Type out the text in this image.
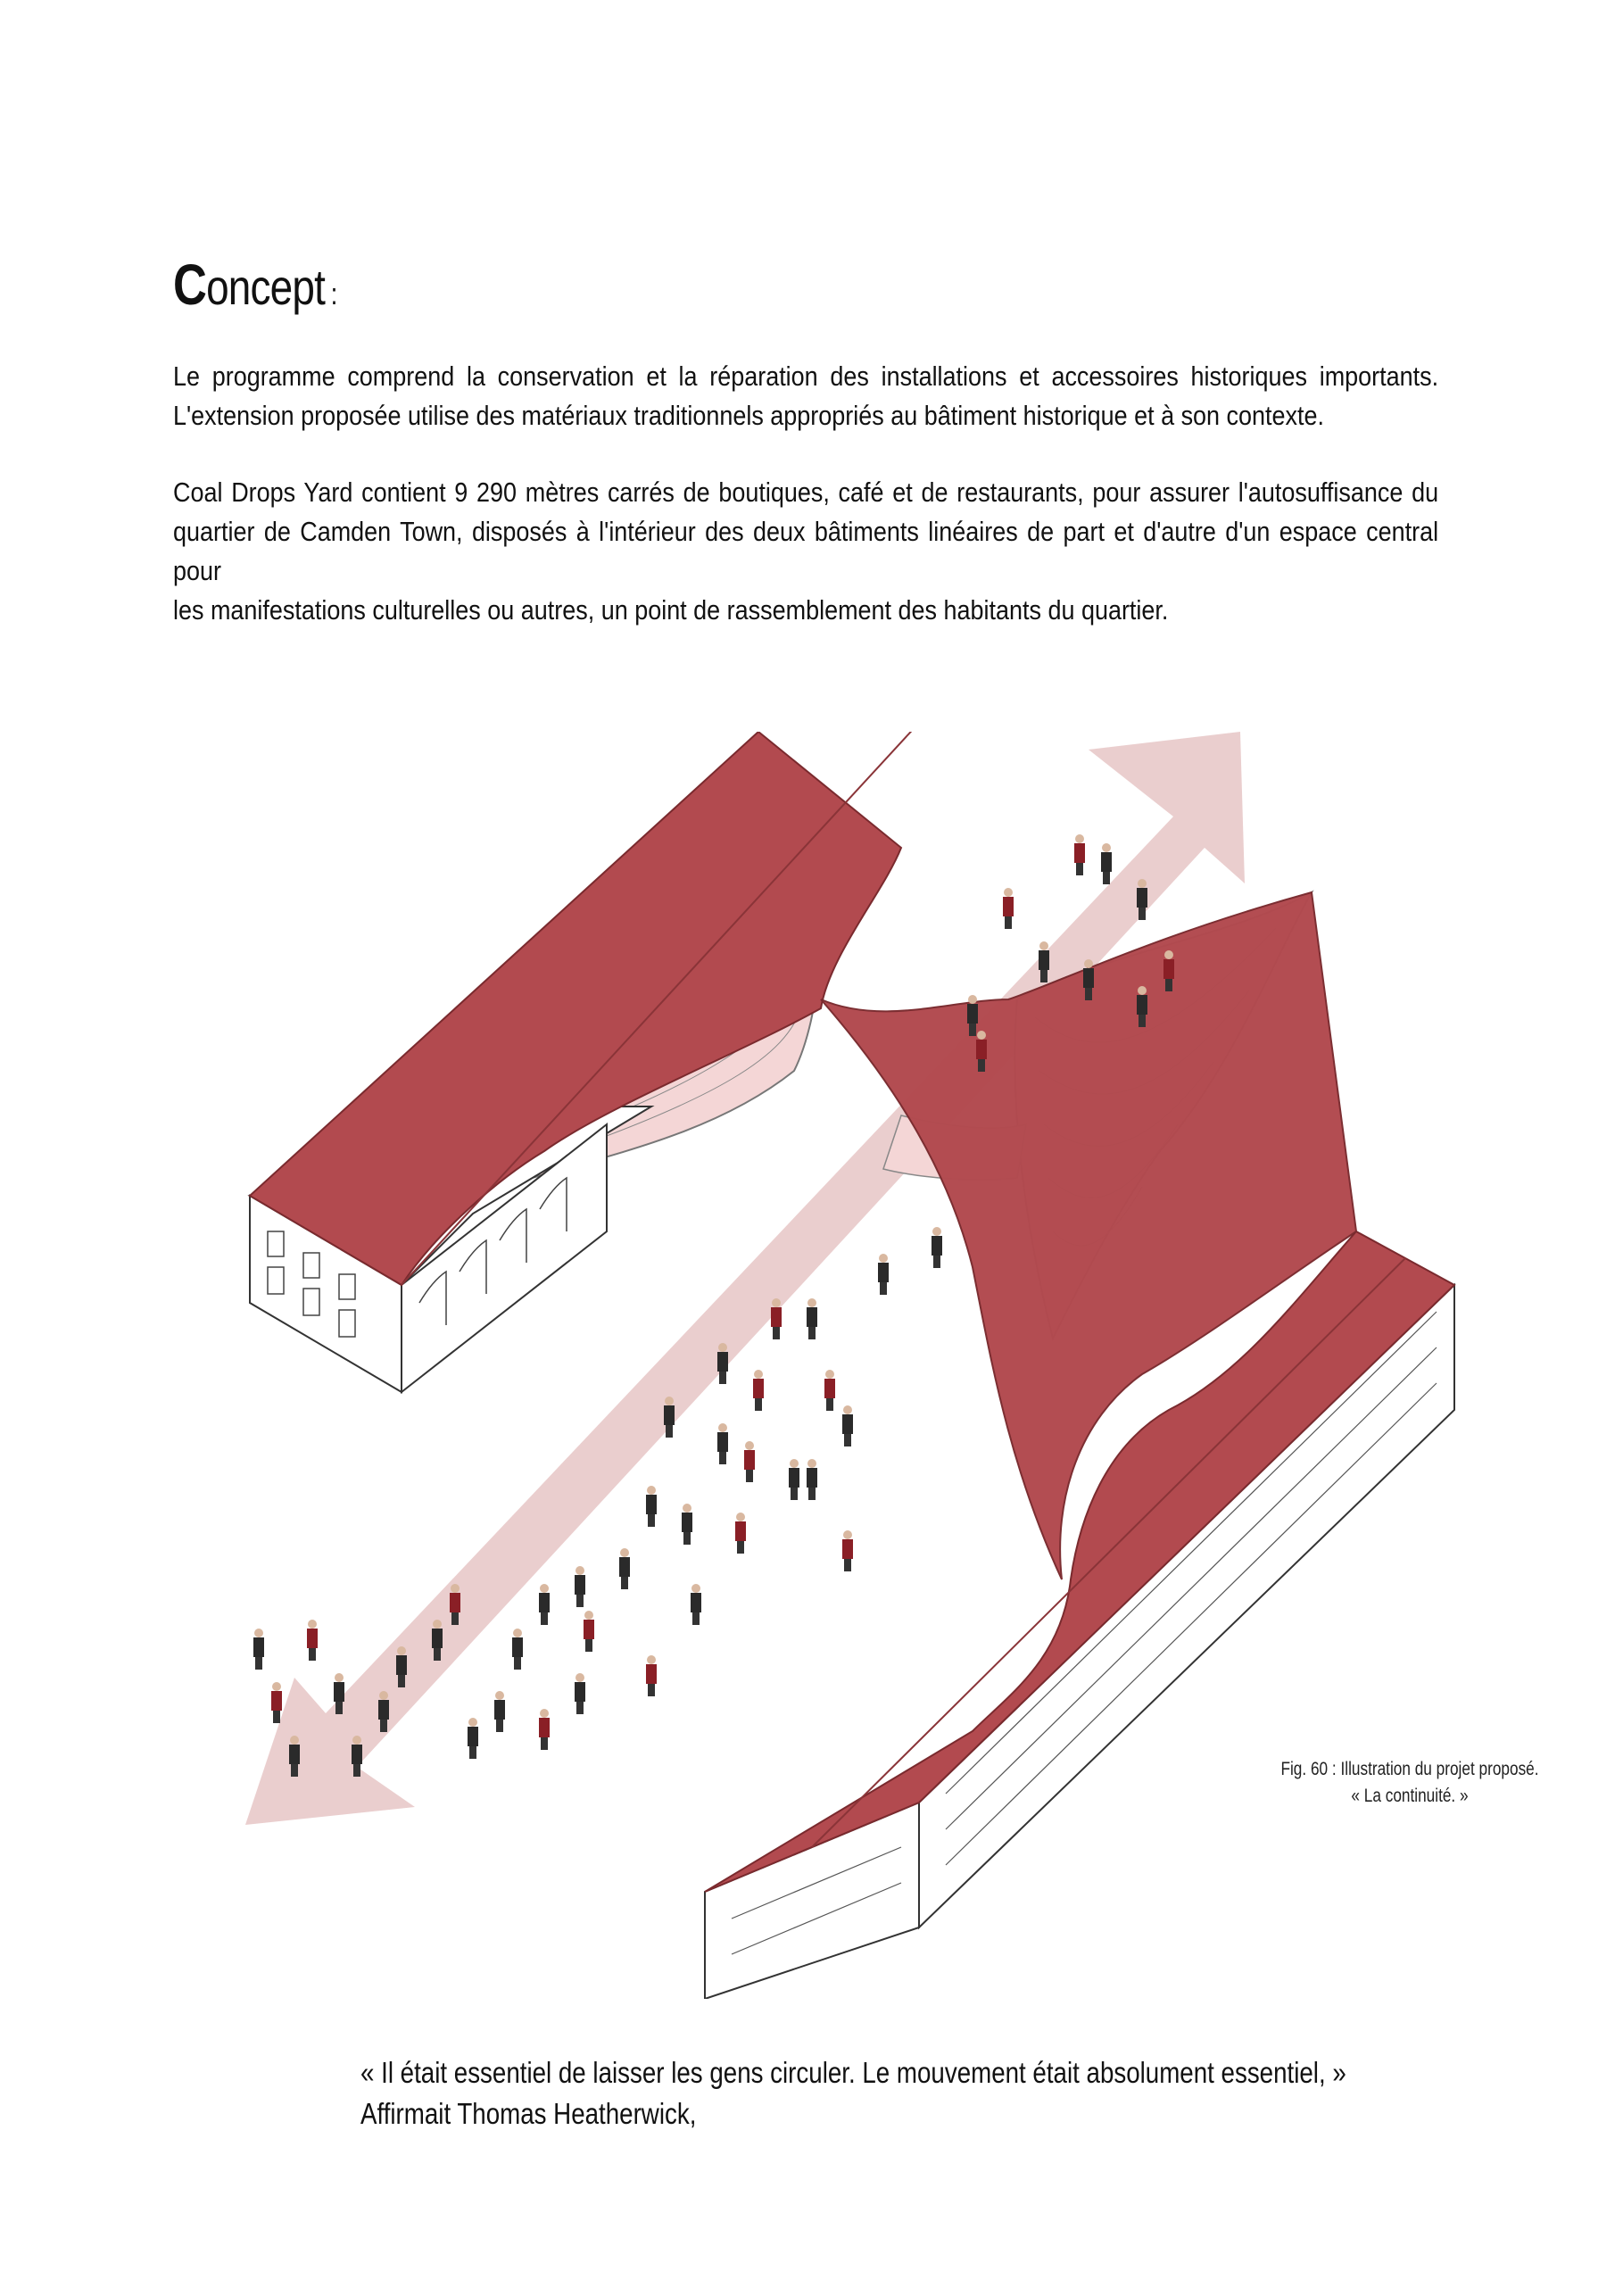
Concept :
Le programme comprend la conservation et la réparation des installations et accessoires historiques importants.
L'extension proposée utilise des matériaux traditionnels appropriés au bâtiment historique et à son contexte.
Coal Drops Yard contient 9 290 mètres carrés de boutiques, café et de restaurants, pour assurer l'autosuffisance du
quartier de Camden Town, disposés à l'intérieur des deux bâtiments linéaires de part et d'autre d'un espace central pour
les manifestations culturelles ou autres, un point de rassemblement des habitants du quartier.
Fig. 60 : Illustration du projet proposé.
« La continuité. »
« Il était essentiel de laisser les gens circuler. Le mouvement était absolument essentiel, »
Affirmait Thomas Heatherwick,
